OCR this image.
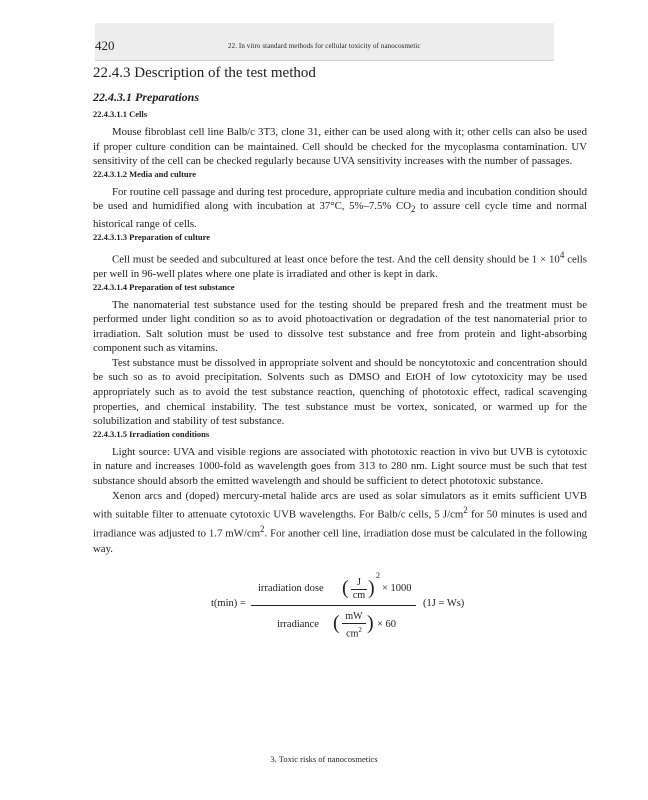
420	22. In vitro standard methods for cellular toxicity of nanocosmetic
22.4.3 Description of the test method
22.4.3.1 Preparations
22.4.3.1.1 Cells

Mouse fibroblast cell line Balb/c 3T3, clone 31, either can be used along with it; other cells can also be used if proper culture condition can be maintained. Cell should be checked for the mycoplasma contamination. UV sensitivity of the cell can be checked regularly because UVA sensitivity increases with the number of passages.

22.4.3.1.2 Media and culture

For routine cell passage and during test procedure, appropriate culture media and incubation condition should be used and humidified along with incubation at 37°C, 5%–7.5% $CO_2$ to assure cell cycle time and normal historical range of cells.

22.4.3.1.3 Preparation of culture

Cell must be seeded and subcultured at least once before the test. And the cell density should be $1 \times 10^4$ cells per well in 96-well plates where one plate is irradiated and other is kept in dark.

22.4.3.1.4 Preparation of test substance

The nanomaterial test substance used for the testing should be prepared fresh and the treatment must be performed under light condition so as to avoid photoactivation or degradation of the test nanomaterial prior to irradiation. Salt solution must be used to dissolve test substance and free from protein and light-absorbing component such as vitamins.

Test substance must be dissolved in appropriate solvent and should be noncytotoxic and concentration should be such so as to avoid precipitation. Solvents such as DMSO and EtOH of low cytotoxicity may be used appropriately such as to avoid the test substance reaction, quenching of phototoxic effect, radical scavenging properties, and chemical instability. The test substance must be vortex, sonicated, or warmed up for the solubilization and stability of test substance.

22.4.3.1.5 Irradiation conditions

Light source: UVA and visible regions are associated with phototoxic reaction in vivo but UVB is cytotoxic in nature and increases 1000-fold as wavelength goes from 313 to 280 nm. Light source must be such that test substance should absorb the emitted wavelength and should be sufficient to detect phototoxic substance.

Xenon arcs and (doped) mercury-metal halide arcs are used as solar simulators as it emits sufficient UVB with suitable filter to attenuate cytotoxic UVB wavelengths. For Balb/c cells, 5 $J/cm^2$ for 50 minutes is used and irradiance was adjusted to 1.7 $mW/cm^2$. For another cell line, irradiation dose must be calculated in the following way.

t(min) =
irradiation dose ( $\frac{J}{cm}$ )
2
× 1000
irradiance ( $\frac{mW}{cm^2}$ ) × 60
(1J = Ws)
3. Toxic risks of nanocosmetics
